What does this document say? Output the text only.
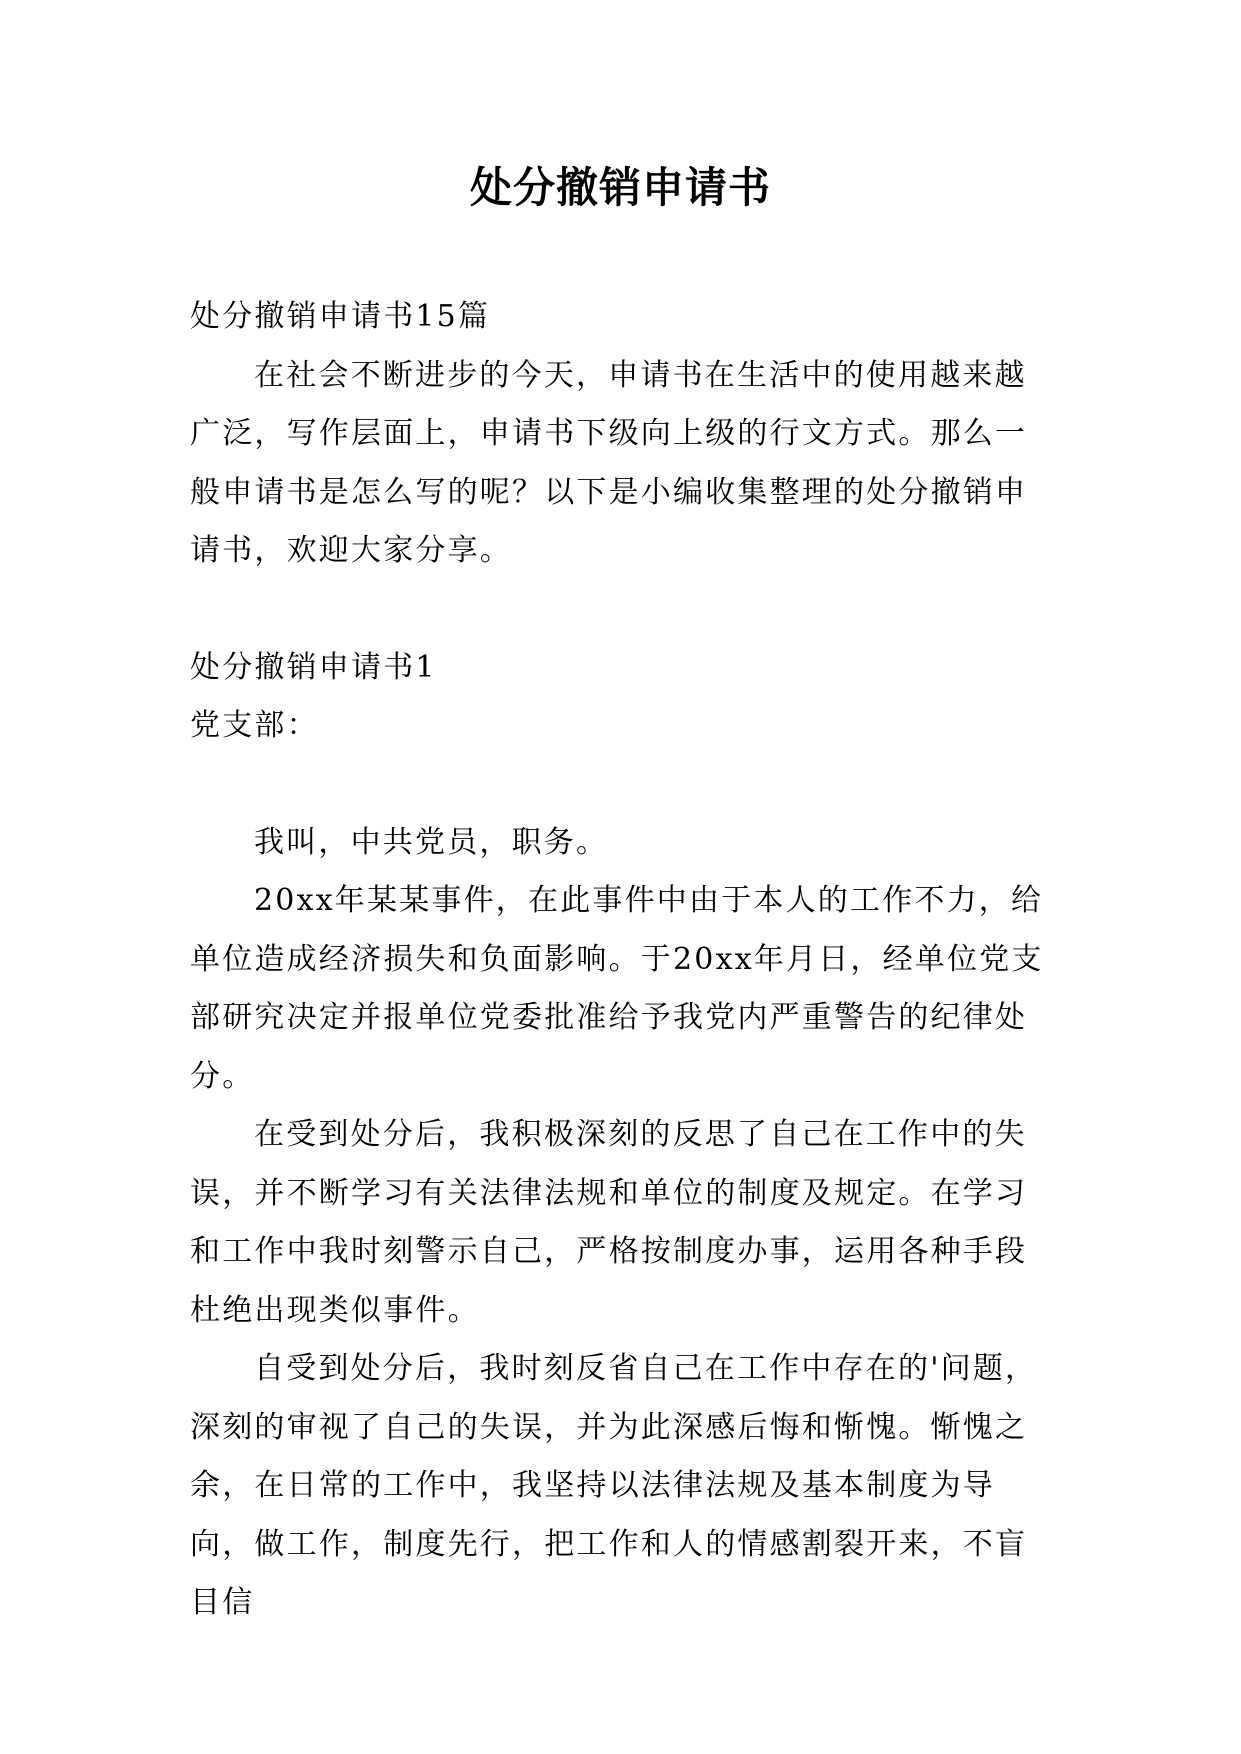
处分撤销申请书

处分撤销申请书15篇

在社会不断进步的今天，申请书在生活中的使用越来越广泛，写作层面上，申请书下级向上级的行文方式。那么一般申请书是怎么写的呢？以下是小编收集整理的处分撤销申请书，欢迎大家分享。

处分撤销申请书1

党支部：

我叫，中共党员，职务。

20xx年某某事件，在此事件中由于本人的工作不力，给单位造成经济损失和负面影响。于20xx年月日，经单位党支部研究决定并报单位党委批准给予我党内严重警告的纪律处分。

在受到处分后，我积极深刻的反思了自己在工作中的失误，并不断学习有关法律法规和单位的制度及规定。在学习和工作中我时刻警示自己，严格按制度办事，运用各种手段杜绝出现类似事件。

自受到处分后，我时刻反省自己在工作中存在的'问题，深刻的审视了自己的失误，并为此深感后悔和惭愧。惭愧之余，在日常的工作中，我坚持以法律法规及基本制度为导向，做工作，制度先行，把工作和人的情感割裂开来，不盲目信
